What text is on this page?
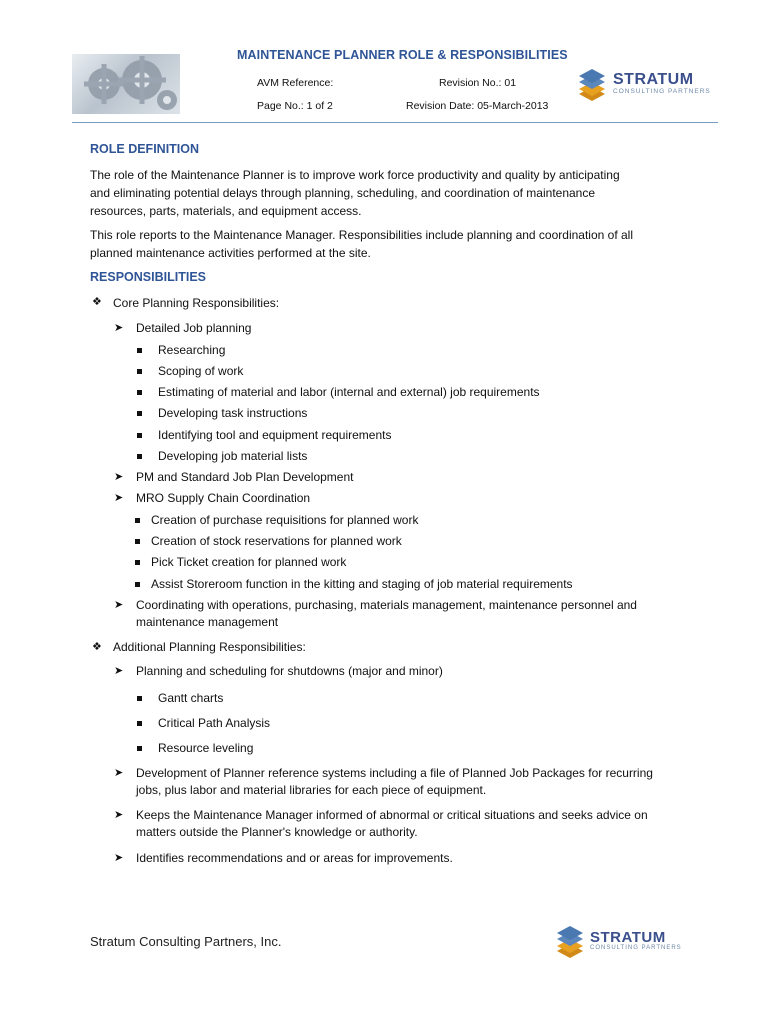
MAINTENANCE PLANNER ROLE & RESPONSIBILITIES
AVM Reference:	Revision No.: 01
Page No.: 1 of 2	Revision Date: 05-March-2013
STRATUM
CONSULTING PARTNERS
ROLE DEFINITION
The role of the Maintenance Planner is to improve work force productivity and quality by anticipating
and eliminating potential delays through planning, scheduling, and coordination of maintenance
resources, parts, materials, and equipment access.
This role reports to the Maintenance Manager. Responsibilities include planning and coordination of all
planned maintenance activities performed at the site.
RESPONSIBILITIES
❖ Core Planning Responsibilities:
➤ Detailed Job planning
Researching
Scoping of work
Estimating of material and labor (internal and external) job requirements
Developing task instructions
Identifying tool and equipment requirements
Developing job material lists
➤ PM and Standard Job Plan Development
➤ MRO Supply Chain Coordination
Creation of purchase requisitions for planned work
Creation of stock reservations for planned work
Pick Ticket creation for planned work
Assist Storeroom function in the kitting and staging of job material requirements
➤ Coordinating with operations, purchasing, materials management, maintenance personnel and
maintenance management
❖ Additional Planning Responsibilities:
➤ Planning and scheduling for shutdowns (major and minor)
Gantt charts
Critical Path Analysis
Resource leveling
➤ Development of Planner reference systems including a file of Planned Job Packages for recurring
jobs, plus labor and material libraries for each piece of equipment.
➤ Keeps the Maintenance Manager informed of abnormal or critical situations and seeks advice on
matters outside the Planner's knowledge or authority.
➤ Identifies recommendations and or areas for improvements.
Stratum Consulting Partners, Inc.	STRATUM
CONSULTING PARTNERS
